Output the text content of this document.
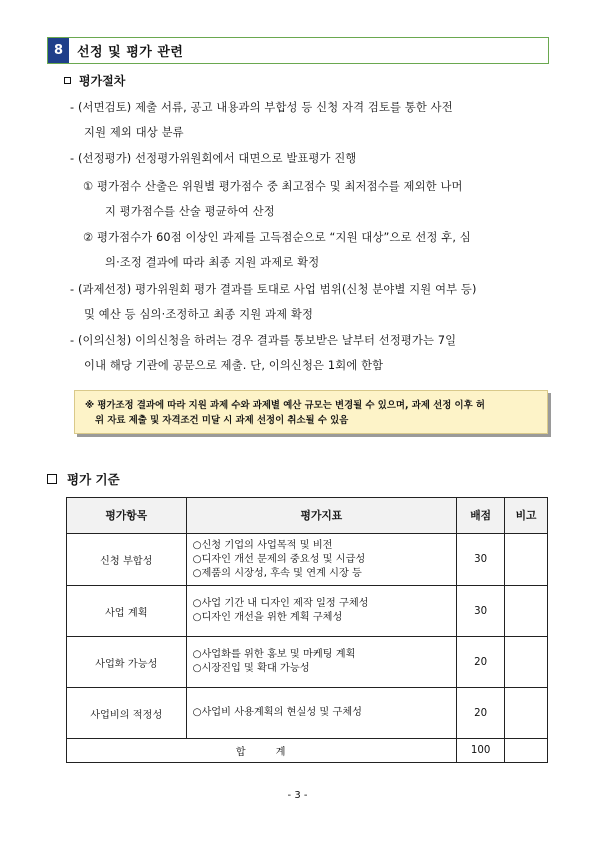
8	선정 및 평가 관련
평가절차
- (서면검토) 제출 서류, 공고 내용과의 부합성 등 신청 자격 검토를 통한 사전
지원 제외 대상 분류
- (선정평가) 선정평가위원회에서 대면으로 발표평가 진행
① 평가점수 산출은 위원별 평가점수 중 최고점수 및 최저점수를 제외한 나머
지 평가점수를 산술 평균하여 산정
② 평가점수가 60점 이상인 과제를 고득점순으로 “지원 대상”으로 선정 후, 심
의·조정 결과에 따라 최종 지원 과제로 확정
- (과제선정) 평가위원회 평가 결과를 토대로 사업 범위(신청 분야별 지원 여부 등)
및 예산 등 심의·조정하고 최종 지원 과제 확정
- (이의신청) 이의신청을 하려는 경우 결과를 통보받은 날부터 선정평가는 7일
이내 해당 기관에 공문으로 제출. 단, 이의신청은 1회에 한함
※ 평가조정 결과에 따라 지원 과제 수와 과제별 예산 규모는 변경될 수 있으며, 과제 선정 이후 허
위 자료 제출 및 자격조건 미달 시 과제 선정이 취소될 수 있음
평가 기준
평가항목	평가지표	배점	비고
신청 부합성	○신청 기업의 사업목적 및 비전
○디자인 개선 문제의 중요성 및 시급성
○제품의 시장성, 후속 및 연계 시장 등	30	
사업 계획	○사업 기간 내 디자인 제작 일정 구체성
○디자인 개선을 위한 계획 구체성	30	
사업화 가능성	○사업화를 위한 홍보 및 마케팅 계획
○시장진입 및 확대 가능성	20	
사업비의 적정성	○사업비 사용계획의 현실성 및 구체성	20	
합 계		100	
- 3 -
